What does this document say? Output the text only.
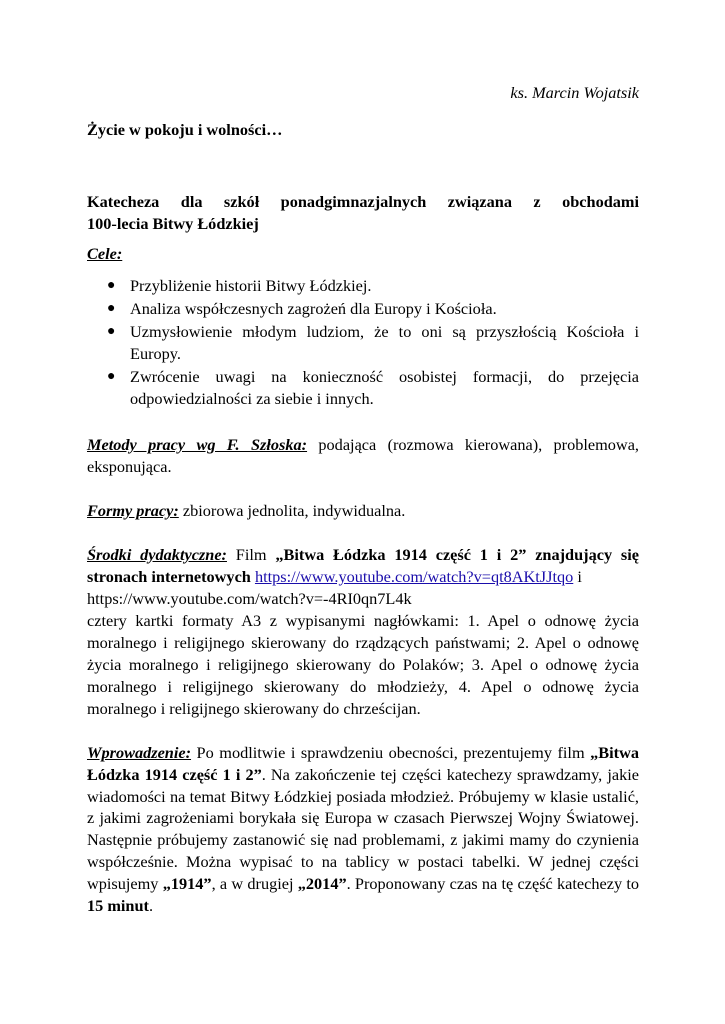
ks. Marcin Wojatsik

Życie w pokoju i wolności…

Katecheza dla szkół ponadgimnazjalnych związana z obchodami

100-lecia Bitwy Łódzkiej

Cele:

● Przybliżenie historii Bitwy Łódzkiej.
● Analiza współczesnych zagrożeń dla Europy i Kościoła.
● Uzmysłowienie młodym ludziom, że to oni są przyszłością Kościoła i Europy.
● Zwrócenie uwagi na konieczność osobistej formacji, do przejęcia odpowiedzialności za siebie i innych.

Metody pracy wg F. Szłoska: podająca (rozmowa kierowana), problemowa, eksponująca.

Formy pracy: zbiorowa jednolita, indywidualna.

Środki dydaktyczne: Film „Bitwa Łódzka 1914 część 1 i 2” znajdujący się stronach internetowych https://www.youtube.com/watch?v=qt8AKtJJtqo i
https://www.youtube.com/watch?v=-4RI0qn7L4k
cztery kartki formaty A3 z wypisanymi nagłówkami: 1. Apel o odnowę życia moralnego i religijnego skierowany do rządzących państwami; 2. Apel o odnowę życia moralnego i religijnego skierowany do Polaków; 3. Apel o odnowę życia moralnego i religijnego skierowany do młodzieży, 4. Apel o odnowę życia moralnego i religijnego skierowany do chrześcijan.

Wprowadzenie: Po modlitwie i sprawdzeniu obecności, prezentujemy film „Bitwa Łódzka 1914 część 1 i 2”. Na zakończenie tej części katechezy sprawdzamy, jakie wiadomości na temat Bitwy Łódzkiej posiada młodzież. Próbujemy w klasie ustalić, z jakimi zagrożeniami borykała się Europa w czasach Pierwszej Wojny Światowej. Następnie próbujemy zastanowić się nad problemami, z jakimi mamy do czynienia współcześnie. Można wypisać to na tablicy w postaci tabelki. W jednej części wpisujemy „1914”, a w drugiej „2014”. Proponowany czas na tę część katechezy to 15 minut.
